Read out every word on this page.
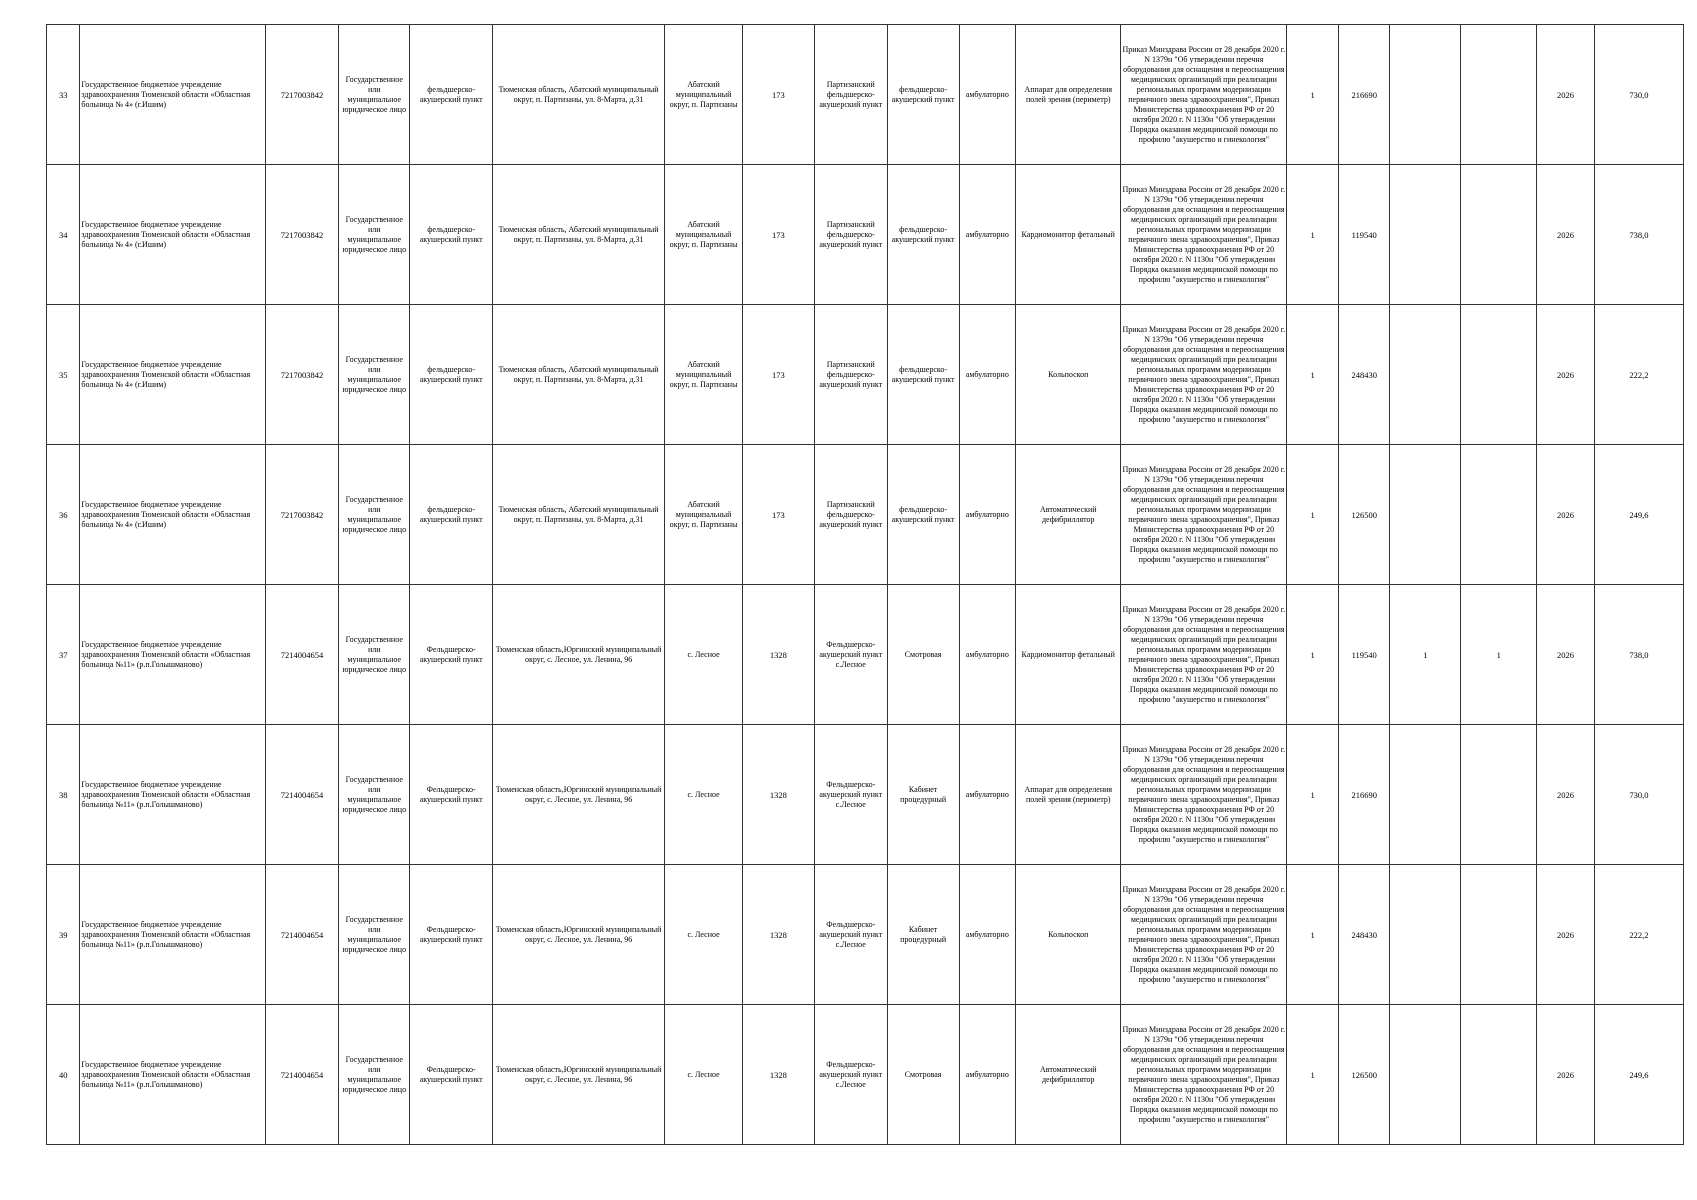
33	Государственное бюджетное учреждение здравоохранения Тюменской области «Областная больница № 4» (г.Ишим)	7217003842	Государственное или муниципальное юридическое лицо	фельдшерско-акушерский пункт	Тюменская область, Абатский муниципальный округ, п. Партизаны, ул. 8-Марта, д.31	Абатский муниципальный округ, п. Партизаны	173	Партизанский фельдшерско-акушерский пункт	фельдшерско-акушерский пункт	амбулаторно	Аппарат для определения полей зрения (периметр)	Приказ Минздрава России от 28 декабря 2020 г. N 1379н "Об утверждении перечня оборудования для оснащения и переоснащения медицинских организаций при реализации региональных программ модернизации первичного звена здравоохранения", Приказ Министерства здравоохранения РФ от 20 октября 2020 г. N 1130н "Об утверждении Порядка оказания медицинской помощи по профилю "акушерство и гинекология"	1	216690			2026	730,0
34	Государственное бюджетное учреждение здравоохранения Тюменской области «Областная больница № 4» (г.Ишим)	7217003842	Государственное или муниципальное юридическое лицо	фельдшерско-акушерский пункт	Тюменская область, Абатский муниципальный округ, п. Партизаны, ул. 8-Марта, д.31	Абатский муниципальный округ, п. Партизаны	173	Партизанский фельдшерско-акушерский пункт	фельдшерско-акушерский пункт	амбулаторно	Кардиомонитор фетальный	Приказ Минздрава России от 28 декабря 2020 г. N 1379н "Об утверждении перечня оборудования для оснащения и переоснащения медицинских организаций при реализации региональных программ модернизации первичного звена здравоохранения", Приказ Министерства здравоохранения РФ от 20 октября 2020 г. N 1130н "Об утверждении Порядка оказания медицинской помощи по профилю "акушерство и гинекология"	1	119540			2026	738,0
35	Государственное бюджетное учреждение здравоохранения Тюменской области «Областная больница № 4» (г.Ишим)	7217003842	Государственное или муниципальное юридическое лицо	фельдшерско-акушерский пункт	Тюменская область, Абатский муниципальный округ, п. Партизаны, ул. 8-Марта, д.31	Абатский муниципальный округ, п. Партизаны	173	Партизанский фельдшерско-акушерский пункт	фельдшерско-акушерский пункт	амбулаторно	Кольпоскоп	Приказ Минздрава России от 28 декабря 2020 г. N 1379н "Об утверждении перечня оборудования для оснащения и переоснащения медицинских организаций при реализации региональных программ модернизации первичного звена здравоохранения", Приказ Министерства здравоохранения РФ от 20 октября 2020 г. N 1130н "Об утверждении Порядка оказания медицинской помощи по профилю "акушерство и гинекология"	1	248430			2026	222,2
36	Государственное бюджетное учреждение здравоохранения Тюменской области «Областная больница № 4» (г.Ишим)	7217003842	Государственное или муниципальное юридическое лицо	фельдшерско-акушерский пункт	Тюменская область, Абатский муниципальный округ, п. Партизаны, ул. 8-Марта, д.31	Абатский муниципальный округ, п. Партизаны	173	Партизанский фельдшерско-акушерский пункт	фельдшерско-акушерский пункт	амбулаторно	Автоматический дефибриллятор	Приказ Минздрава России от 28 декабря 2020 г. N 1379н "Об утверждении перечня оборудования для оснащения и переоснащения медицинских организаций при реализации региональных программ модернизации первичного звена здравоохранения", Приказ Министерства здравоохранения РФ от 20 октября 2020 г. N 1130н "Об утверждении Порядка оказания медицинской помощи по профилю "акушерство и гинекология"	1	126500			2026	249,6
37	Государственное бюджетное учреждение здравоохранения Тюменской области «Областная больница №11» (р.п.Голышманово)	7214004654	Государственное или муниципальное юридическое лицо	Фельдшерско-акушерский пункт	Тюменская область,Юргинский муниципальный округ, с. Лесное, ул. Ленина, 96	с. Лесное	1328	Фельдшерско-акушерский пункт с.Лесное	Смотровая	амбулаторно	Кардиомонитор фетальный	Приказ Минздрава России от 28 декабря 2020 г. N 1379н "Об утверждении перечня оборудования для оснащения и переоснащения медицинских организаций при реализации региональных программ модернизации первичного звена здравоохранения", Приказ Министерства здравоохранения РФ от 20 октября 2020 г. N 1130н "Об утверждении Порядка оказания медицинской помощи по профилю "акушерство и гинекология"	1	119540	1	1	2026	738,0
38	Государственное бюджетное учреждение здравоохранения Тюменской области «Областная больница №11» (р.п.Голышманово)	7214004654	Государственное или муниципальное юридическое лицо	Фельдшерско-акушерский пункт	Тюменская область,Юргинский муниципальный округ, с. Лесное, ул. Ленина, 96	с. Лесное	1328	Фельдшерско-акушерский пункт с.Лесное	Кабинет процедурный	амбулаторно	Аппарат для определения полей зрения (периметр)	Приказ Минздрава России от 28 декабря 2020 г. N 1379н "Об утверждении перечня оборудования для оснащения и переоснащения медицинских организаций при реализации региональных программ модернизации первичного звена здравоохранения", Приказ Министерства здравоохранения РФ от 20 октября 2020 г. N 1130н "Об утверждении Порядка оказания медицинской помощи по профилю "акушерство и гинекология"	1	216690			2026	730,0
39	Государственное бюджетное учреждение здравоохранения Тюменской области «Областная больница №11» (р.п.Голышманово)	7214004654	Государственное или муниципальное юридическое лицо	Фельдшерско-акушерский пункт	Тюменская область,Юргинский муниципальный округ, с. Лесное, ул. Ленина, 96	с. Лесное	1328	Фельдшерско-акушерский пункт с.Лесное	Кабинет процедурный	амбулаторно	Кольпоскоп	Приказ Минздрава России от 28 декабря 2020 г. N 1379н "Об утверждении перечня оборудования для оснащения и переоснащения медицинских организаций при реализации региональных программ модернизации первичного звена здравоохранения", Приказ Министерства здравоохранения РФ от 20 октября 2020 г. N 1130н "Об утверждении Порядка оказания медицинской помощи по профилю "акушерство и гинекология"	1	248430			2026	222,2
40	Государственное бюджетное учреждение здравоохранения Тюменской области «Областная больница №11» (р.п.Голышманово)	7214004654	Государственное или муниципальное юридическое лицо	Фельдшерско-акушерский пункт	Тюменская область,Юргинский муниципальный округ, с. Лесное, ул. Ленина, 96	с. Лесное	1328	Фельдшерско-акушерский пункт с.Лесное	Смотровая	амбулаторно	Автоматический дефибриллятор	Приказ Минздрава России от 28 декабря 2020 г. N 1379н "Об утверждении перечня оборудования для оснащения и переоснащения медицинских организаций при реализации региональных программ модернизации первичного звена здравоохранения", Приказ Министерства здравоохранения РФ от 20 октября 2020 г. N 1130н "Об утверждении Порядка оказания медицинской помощи по профилю "акушерство и гинекология"	1	126500			2026	249,6
